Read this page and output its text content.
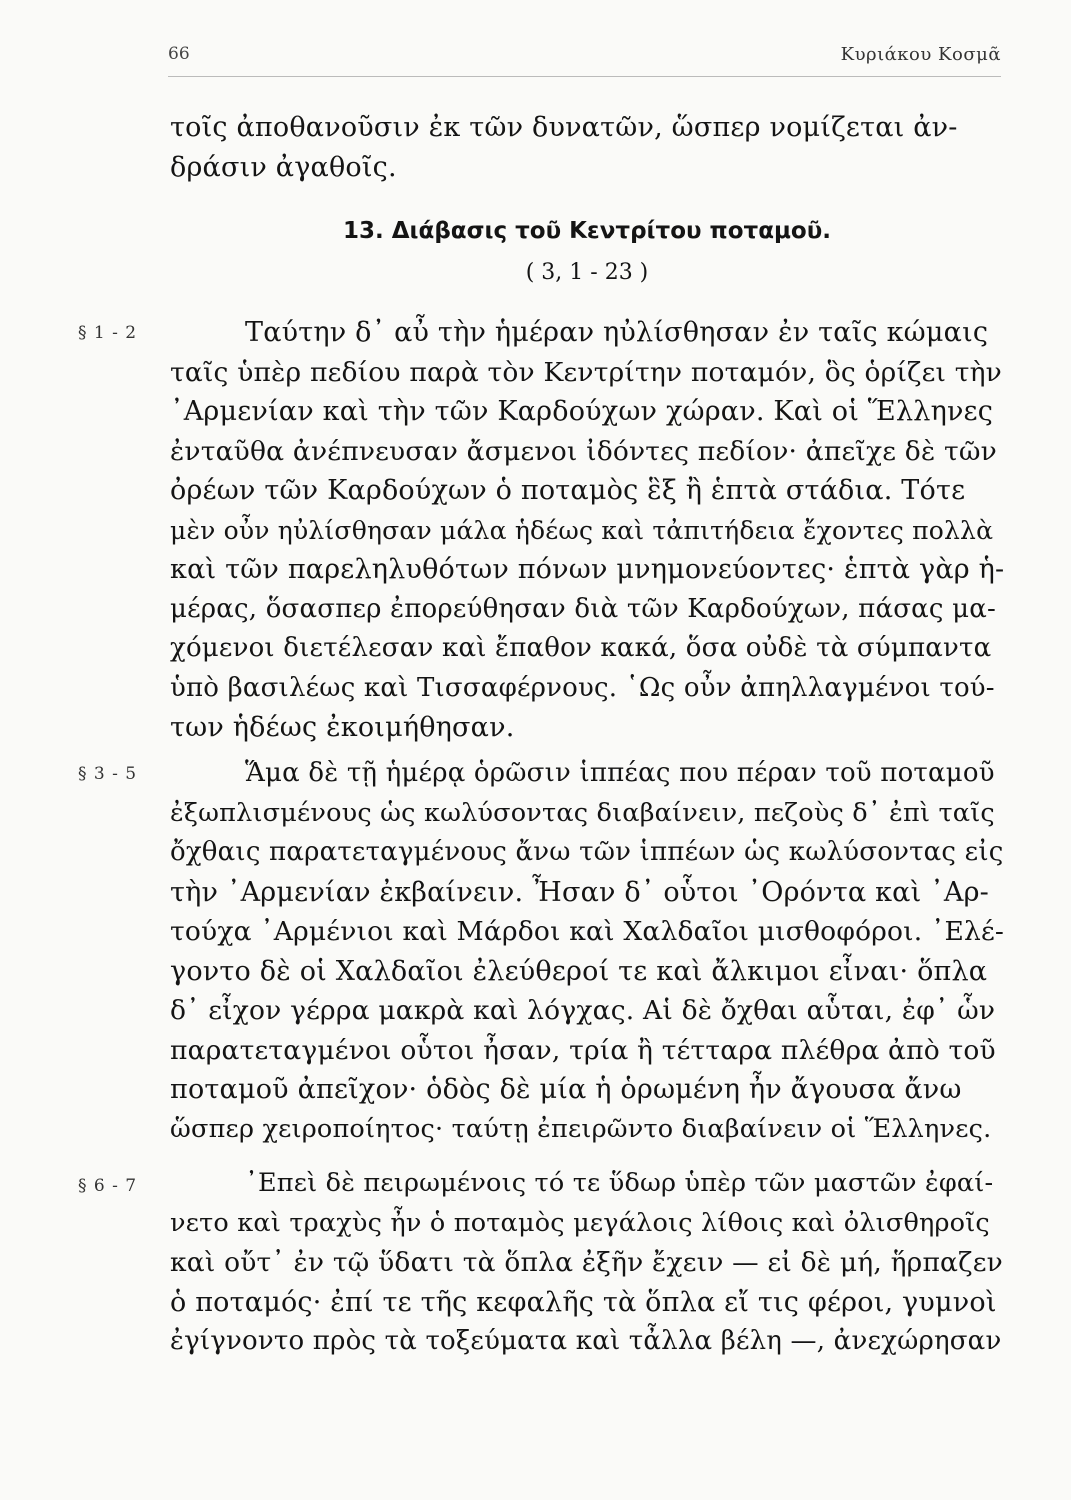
66	Κυριάκου Κοσμᾶ
τοῖς ἀποθανοῦσιν ἐκ τῶν δυνατῶν, ὥσπερ νομίζεται ἀν-
δράσιν ἀγαθοῖς.
13. Διάβασις τοῦ Κεντρίτου ποταμοῦ.
( 3, 1 - 23 )
§ 1 - 2	Ταύτην δ᾽ αὖ τὴν ἡμέραν ηὐλίσθησαν ἐν ταῖς κώμαις
ταῖς ὑπὲρ πεδίου παρὰ τὸν Κεντρίτην ποταμόν, ὃς ὁρίζει τὴν
᾽Αρμενίαν καὶ τὴν τῶν Καρδούχων χώραν. Καὶ οἱ Ἕλληνες
ἐνταῦθα ἀνέπνευσαν ἄσμενοι ἰδόντες πεδίον· ἀπεῖχε δὲ τῶν
ὀρέων τῶν Καρδούχων ὁ ποταμὸς ἓξ ἢ ἑπτὰ στάδια. Τότε
μὲν οὖν ηὐλίσθησαν μάλα ἡδέως καὶ τἀπιτήδεια ἔχοντες πολλὰ
καὶ τῶν παρεληλυθότων πόνων μνημονεύοντες· ἑπτὰ γὰρ ἡ-
μέρας, ὅσασπερ ἐπορεύθησαν διὰ τῶν Καρδούχων, πάσας μα-
χόμενοι διετέλεσαν καὶ ἔπαθον κακά, ὅσα οὐδὲ τὰ σύμπαντα
ὑπὸ βασιλέως καὶ Τισσαφέρνους. ῾Ως οὖν ἀπηλλαγμένοι τού-
των ἡδέως ἐκοιμήθησαν.
§ 3 - 5	Ἅμα δὲ τῇ ἡμέρᾳ ὁρῶσιν ἱππέας που πέραν τοῦ ποταμοῦ
ἐξωπλισμένους ὡς κωλύσοντας διαβαίνειν, πεζοὺς δ᾽ ἐπὶ ταῖς
ὄχθαις παρατεταγμένους ἄνω τῶν ἱππέων ὡς κωλύσοντας εἰς
τὴν ᾽Αρμενίαν ἐκβαίνειν. Ἦσαν δ᾽ οὗτοι ᾽Ορόντα καὶ ᾽Αρ-
τούχα ᾽Αρμένιοι καὶ Μάρδοι καὶ Χαλδαῖοι μισθοφόροι. ᾽Ελέ-
γοντο δὲ οἱ Χαλδαῖοι ἐλεύθεροί τε καὶ ἄλκιμοι εἶναι· ὅπλα
δ᾽ εἶχον γέρρα μακρὰ καὶ λόγχας. Αἱ δὲ ὄχθαι αὗται, ἐφ᾽ ὧν
παρατεταγμένοι οὗτοι ἦσαν, τρία ἢ τέτταρα πλέθρα ἀπὸ τοῦ
ποταμοῦ ἀπεῖχον· ὁδὸς δὲ μία ἡ ὁρωμένη ἦν ἄγουσα ἄνω
ὥσπερ χειροποίητος· ταύτῃ ἐπειρῶντο διαβαίνειν οἱ Ἕλληνες.
§ 6 - 7	᾽Επεὶ δὲ πειρωμένοις τό τε ὕδωρ ὑπὲρ τῶν μαστῶν ἐφαί-
νετο καὶ τραχὺς ἦν ὁ ποταμὸς μεγάλοις λίθοις καὶ ὀλισθηροῖς
καὶ οὔτ᾽ ἐν τῷ ὕδατι τὰ ὅπλα ἐξῆν ἔχειν — εἰ δὲ μή, ἥρπαζεν
ὁ ποταμός· ἐπί τε τῆς κεφαλῆς τὰ ὅπλα εἴ τις φέροι, γυμνοὶ
ἐγίγνοντο πρὸς τὰ τοξεύματα καὶ τἆλλα βέλη —, ἀνεχώρησαν
